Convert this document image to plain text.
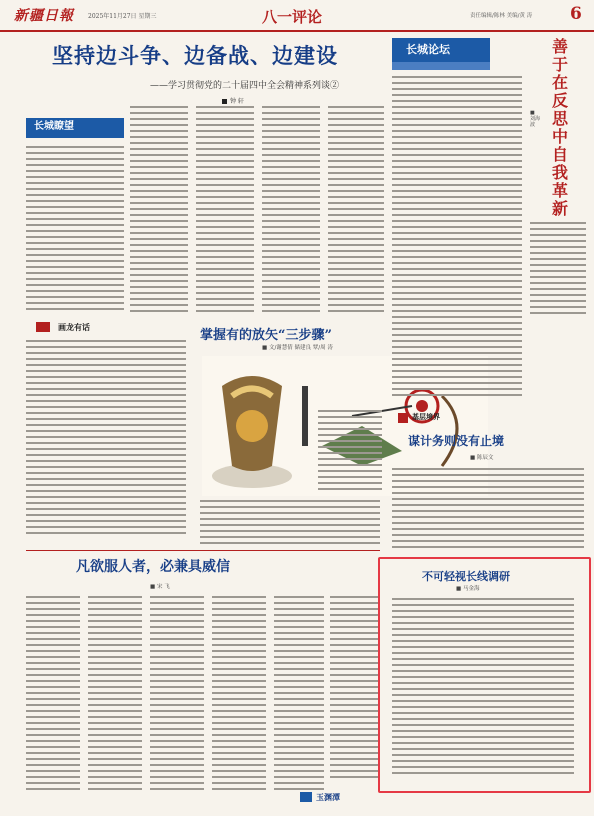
新疆日報 2025年11月27日 星期三	八一评论	责任编辑/陈林 美编/黄 涛 6
坚持边斗争、边备战、边建设
——学习贯彻党的二十届四中全会精神系列谈②
钟 轩
长城瞭望
画龙有话
掌握有的放矢“三步骤”
■ 文/谢慧倩 储建良 覃/周 涛
凡欲服人者，必兼具威信
■ 宋 飞
长城论坛	善于在反思中自我革新
■ 刘海波
基层境界
谋计务则没有止境
■ 陈辰文
不可轻视长线调研
■ 马金海
玉渊潭
